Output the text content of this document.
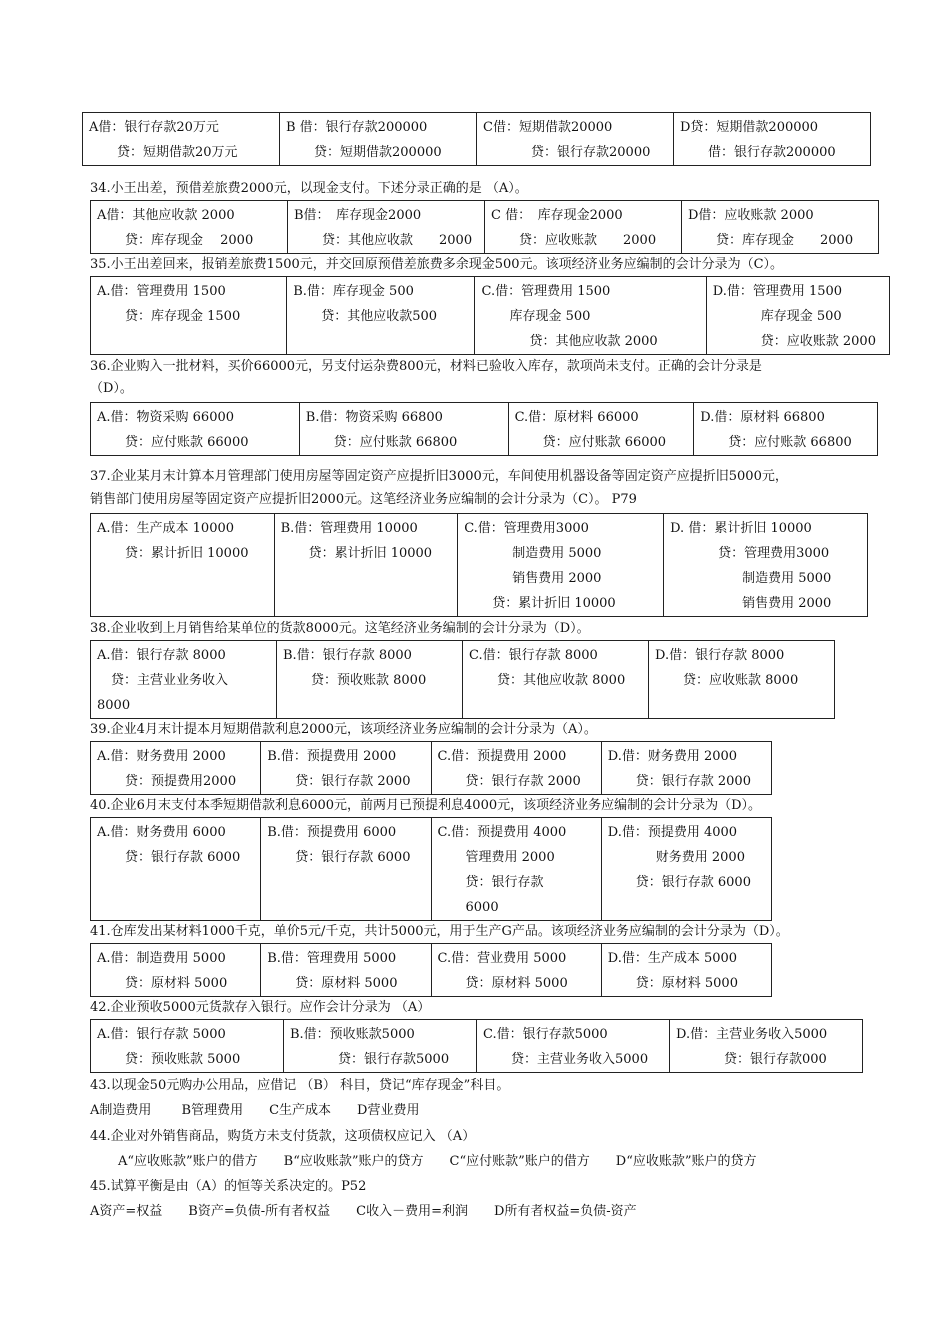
A借：银行存款20万元
贷：短期借款20万元

B 借：银行存款200000
贷：短期借款200000

C借：短期借款20000
贷：银行存款20000

D贷：短期借款200000
借：银行存款200000
34.小王出差，预借差旅费2000元，以现金支付。下述分录正确的是 （A）。
A借：其他应收款 2000
贷：库存现金　 2000

B借：　库存现金2000
贷：其他应收款　　2000

C 借：　库存现金2000
贷：应收账款　　2000

D借：应收账款 2000
贷：库存现金　　2000
35.小王出差回来，报销差旅费1500元，并交回原预借差旅费多余现金500元。该项经济业务应编制的会计分录为（C）。
A.借：管理费用 1500
贷：库存现金 1500

B.借：库存现金 500
贷：其他应收款500

C.借：管理费用 1500
库存现金 500
贷：其他应收款 2000

D.借：管理费用 1500
库存现金 500
贷：应收账款 2000
36.企业购入一批材料，买价66000元，另支付运杂费800元，材料已验收入库存，款项尚未支付。正确的会计分录是
（D）。
A.借：物资采购 66000
贷：应付账款 66000

B.借：物资采购 66800
贷：应付账款 66800

C.借：原材料 66000
贷：应付账款 66000

D.借：原材料 66800
贷：应付账款 66800
37.企业某月末计算本月管理部门使用房屋等固定资产应提折旧3000元，车间使用机器设备等固定资产应提折旧5000元，
销售部门使用房屋等固定资产应提折旧2000元。这笔经济业务应编制的会计分录为（C）。 P79
A.借：生产成本 10000
贷：累计折旧 10000

B.借：管理费用 10000
贷：累计折旧 10000

C.借：管理费用3000
制造费用 5000
销售费用 2000
贷：累计折旧 10000

D. 借：累计折旧 10000
贷：管理费用3000
制造费用 5000
销售费用 2000
38.企业收到上月销售给某单位的货款8000元。这笔经济业务编制的会计分录为（D）。
A.借：银行存款 8000
贷：主营业业务收入
8000

B.借：银行存款 8000
贷：预收账款 8000

C.借：银行存款 8000
贷：其他应收款 8000

D.借：银行存款 8000
贷：应收账款 8000
39.企业4月末计提本月短期借款利息2000元，该项经济业务应编制的会计分录为（A）。
A.借：财务费用 2000
贷：预提费用2000

B.借：预提费用 2000
贷：银行存款 2000

C.借：预提费用 2000
贷：银行存款 2000

D.借：财务费用 2000
贷：银行存款 2000
40.企业6月末支付本季短期借款利息6000元，前两月已预提利息4000元，该项经济业务应编制的会计分录为（D）。
A.借：财务费用 6000
贷：银行存款 6000

B.借：预提费用 6000
贷：银行存款 6000

C.借：预提费用 4000
管理费用 2000
贷：银行存款
6000

D.借：预提费用 4000
财务费用 2000
贷：银行存款 6000
41.仓库发出某材料1000千克，单价5元/千克，共计5000元，用于生产G产品。该项经济业务应编制的会计分录为（D）。
A.借：制造费用 5000
贷：原材料 5000

B.借：管理费用 5000
贷：原材料 5000

C.借：营业费用 5000
贷：原材料 5000

D.借：生产成本 5000
贷：原材料 5000
42.企业预收5000元货款存入银行。应作会计分录为 （A）
A.借：银行存款 5000
贷：预收账款 5000

B.借：预收账款5000
贷：银行存款5000

C.借：银行存款5000
贷：主营业务收入5000

D.借：主营业务收入5000
贷：银行存款000
43.以现金50元购办公用品，应借记 （B） 科目，贷记“库存现金”科目。
A制造费用　　 B管理费用　　C生产成本　　D营业费用
44.企业对外销售商品，购货方未支付货款，这项债权应记入 （A）
A“应收账款”账户的借方　　B“应收账款”账户的贷方　　C“应付账款”账户的借方　　D“应收账款”账户的贷方
45.试算平衡是由（A）的恒等关系决定的。P52
A资产=权益　　B资产=负债-所有者权益　　C收入－费用=利润　　D所有者权益=负债-资产
